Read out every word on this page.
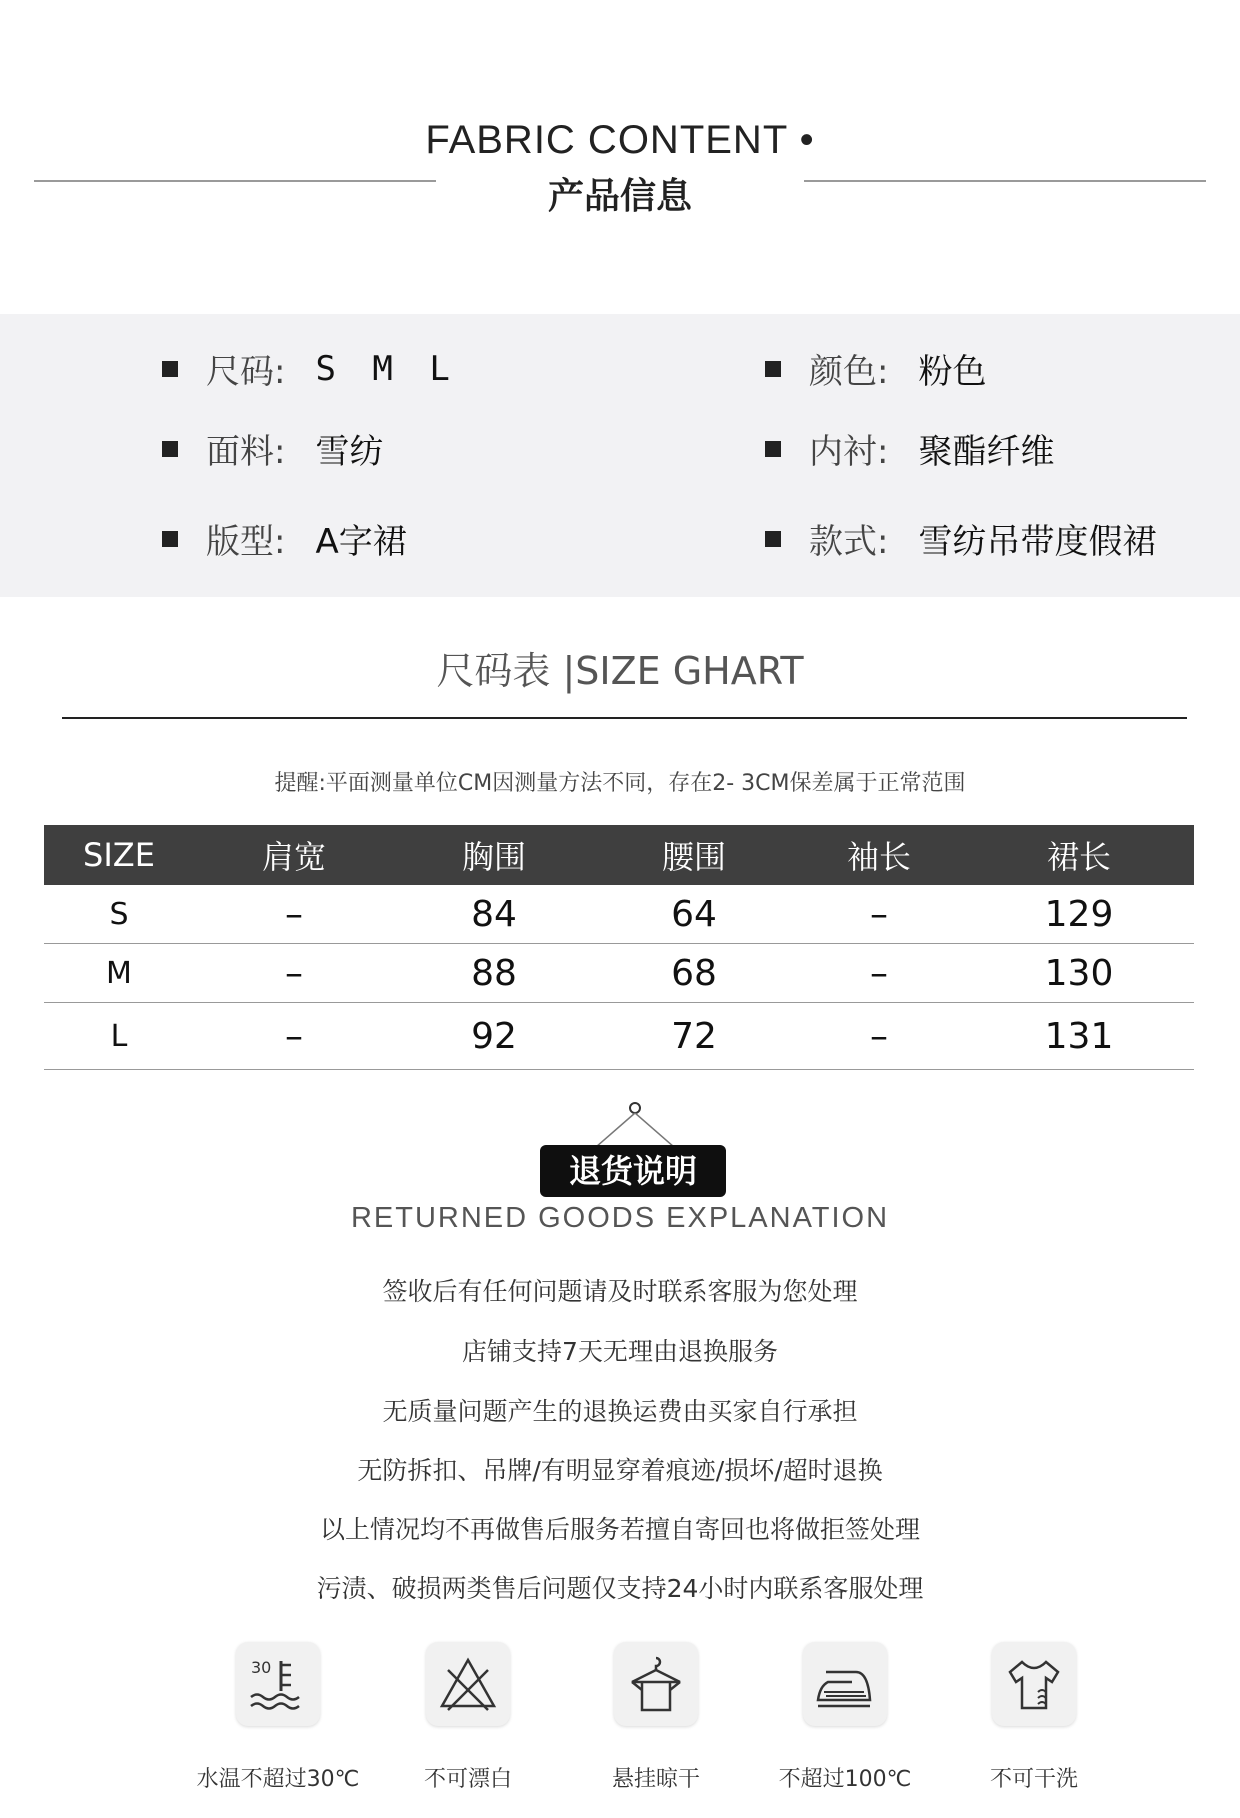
FABRIC CONTENT •
产品信息
尺码: S M L
面料: 雪纺
版型: A字裙
颜色: 粉色
内衬: 聚酯纤维
款式: 雪纺吊带度假裙
尺码表 |SIZE GHART
提醒:平面测量单位CM因测量方法不同，存在2- 3CM保差属于正常范围
SIZE	肩宽	胸围	腰围	袖长	裙长
S	–	84	64	–	129
M	–	88	68	–	130
L	–	92	72	–	131
退货说明
RETURNED GOODS EXPLANATION
签收后有任何问题请及时联系客服为您处理
店铺支持7天无理由退换服务
无质量问题产生的退换运费由买家自行承担
无防拆扣、吊牌/有明显穿着痕迹/损坏/超时退换
以上情况均不再做售后服务若擅自寄回也将做拒签处理
污渍、破损两类售后问题仅支持24小时内联系客服处理
30
水温不超过30℃	不可漂白	悬挂晾干	不超过100℃	不可干洗
